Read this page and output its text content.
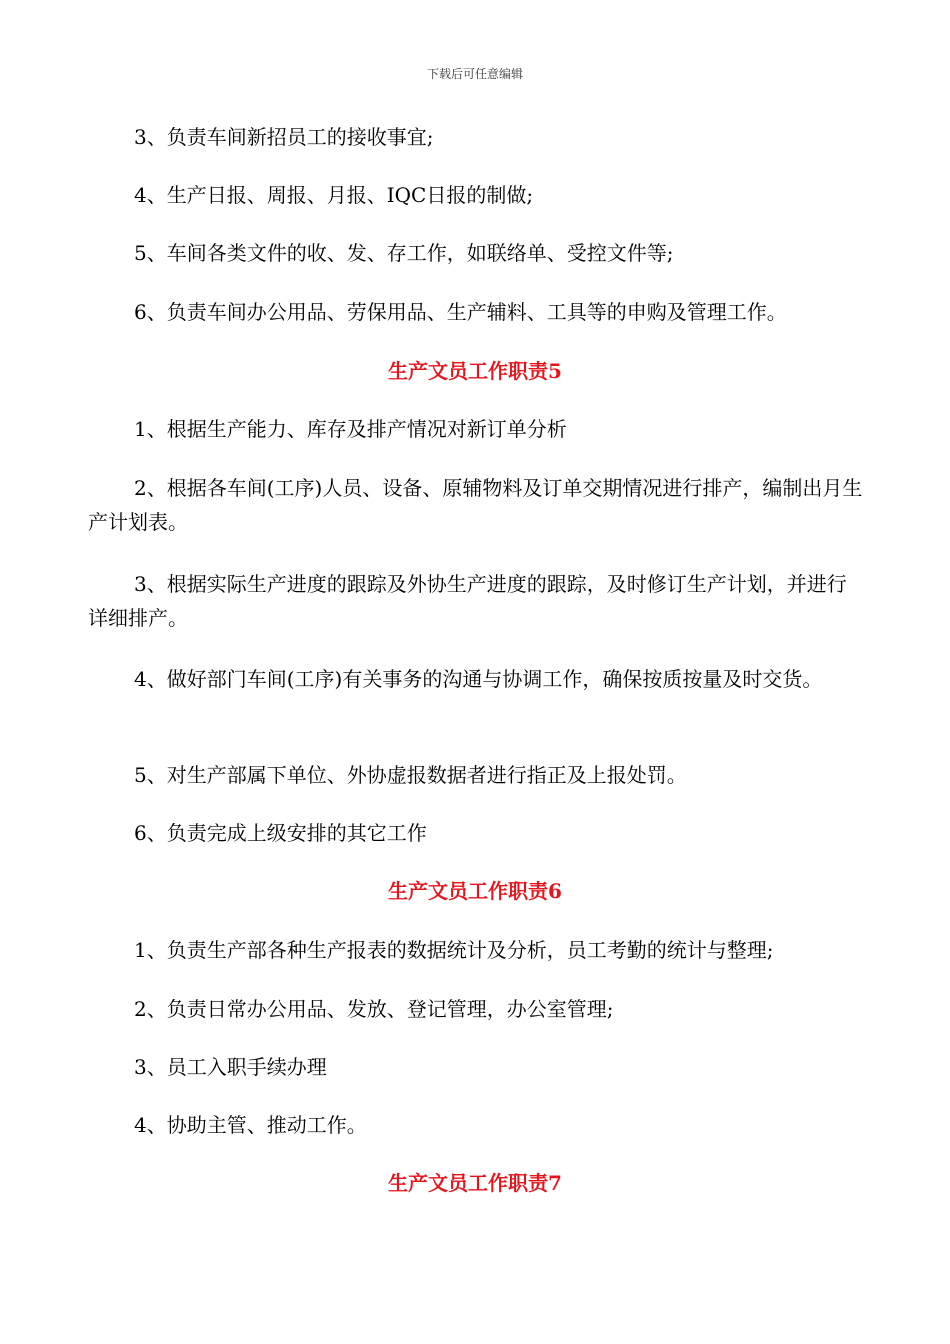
下载后可任意编辑

3、负责车间新招员工的接收事宜;

4、生产日报、周报、月报、IQC日报的制做;

5、车间各类文件的收、发、存工作，如联络单、受控文件等;

6、负责车间办公用品、劳保用品、生产辅料、工具等的申购及管理工作。

生产文员工作职责5

1、根据生产能力、库存及排产情况对新订单分析

2、根据各车间(工序)人员、设备、原辅物料及订单交期情况进行排产，编制出月生产计划表。

3、根据实际生产进度的跟踪及外协生产进度的跟踪，及时修订生产计划，并进行详细排产。

4、做好部门车间(工序)有关事务的沟通与协调工作，确保按质按量及时交货。

5、对生产部属下单位、外协虚报数据者进行指正及上报处罚。

6、负责完成上级安排的其它工作

生产文员工作职责6

1、负责生产部各种生产报表的数据统计及分析，员工考勤的统计与整理;

2、负责日常办公用品、发放、登记管理，办公室管理;

3、员工入职手续办理

4、协助主管、推动工作。

生产文员工作职责7
